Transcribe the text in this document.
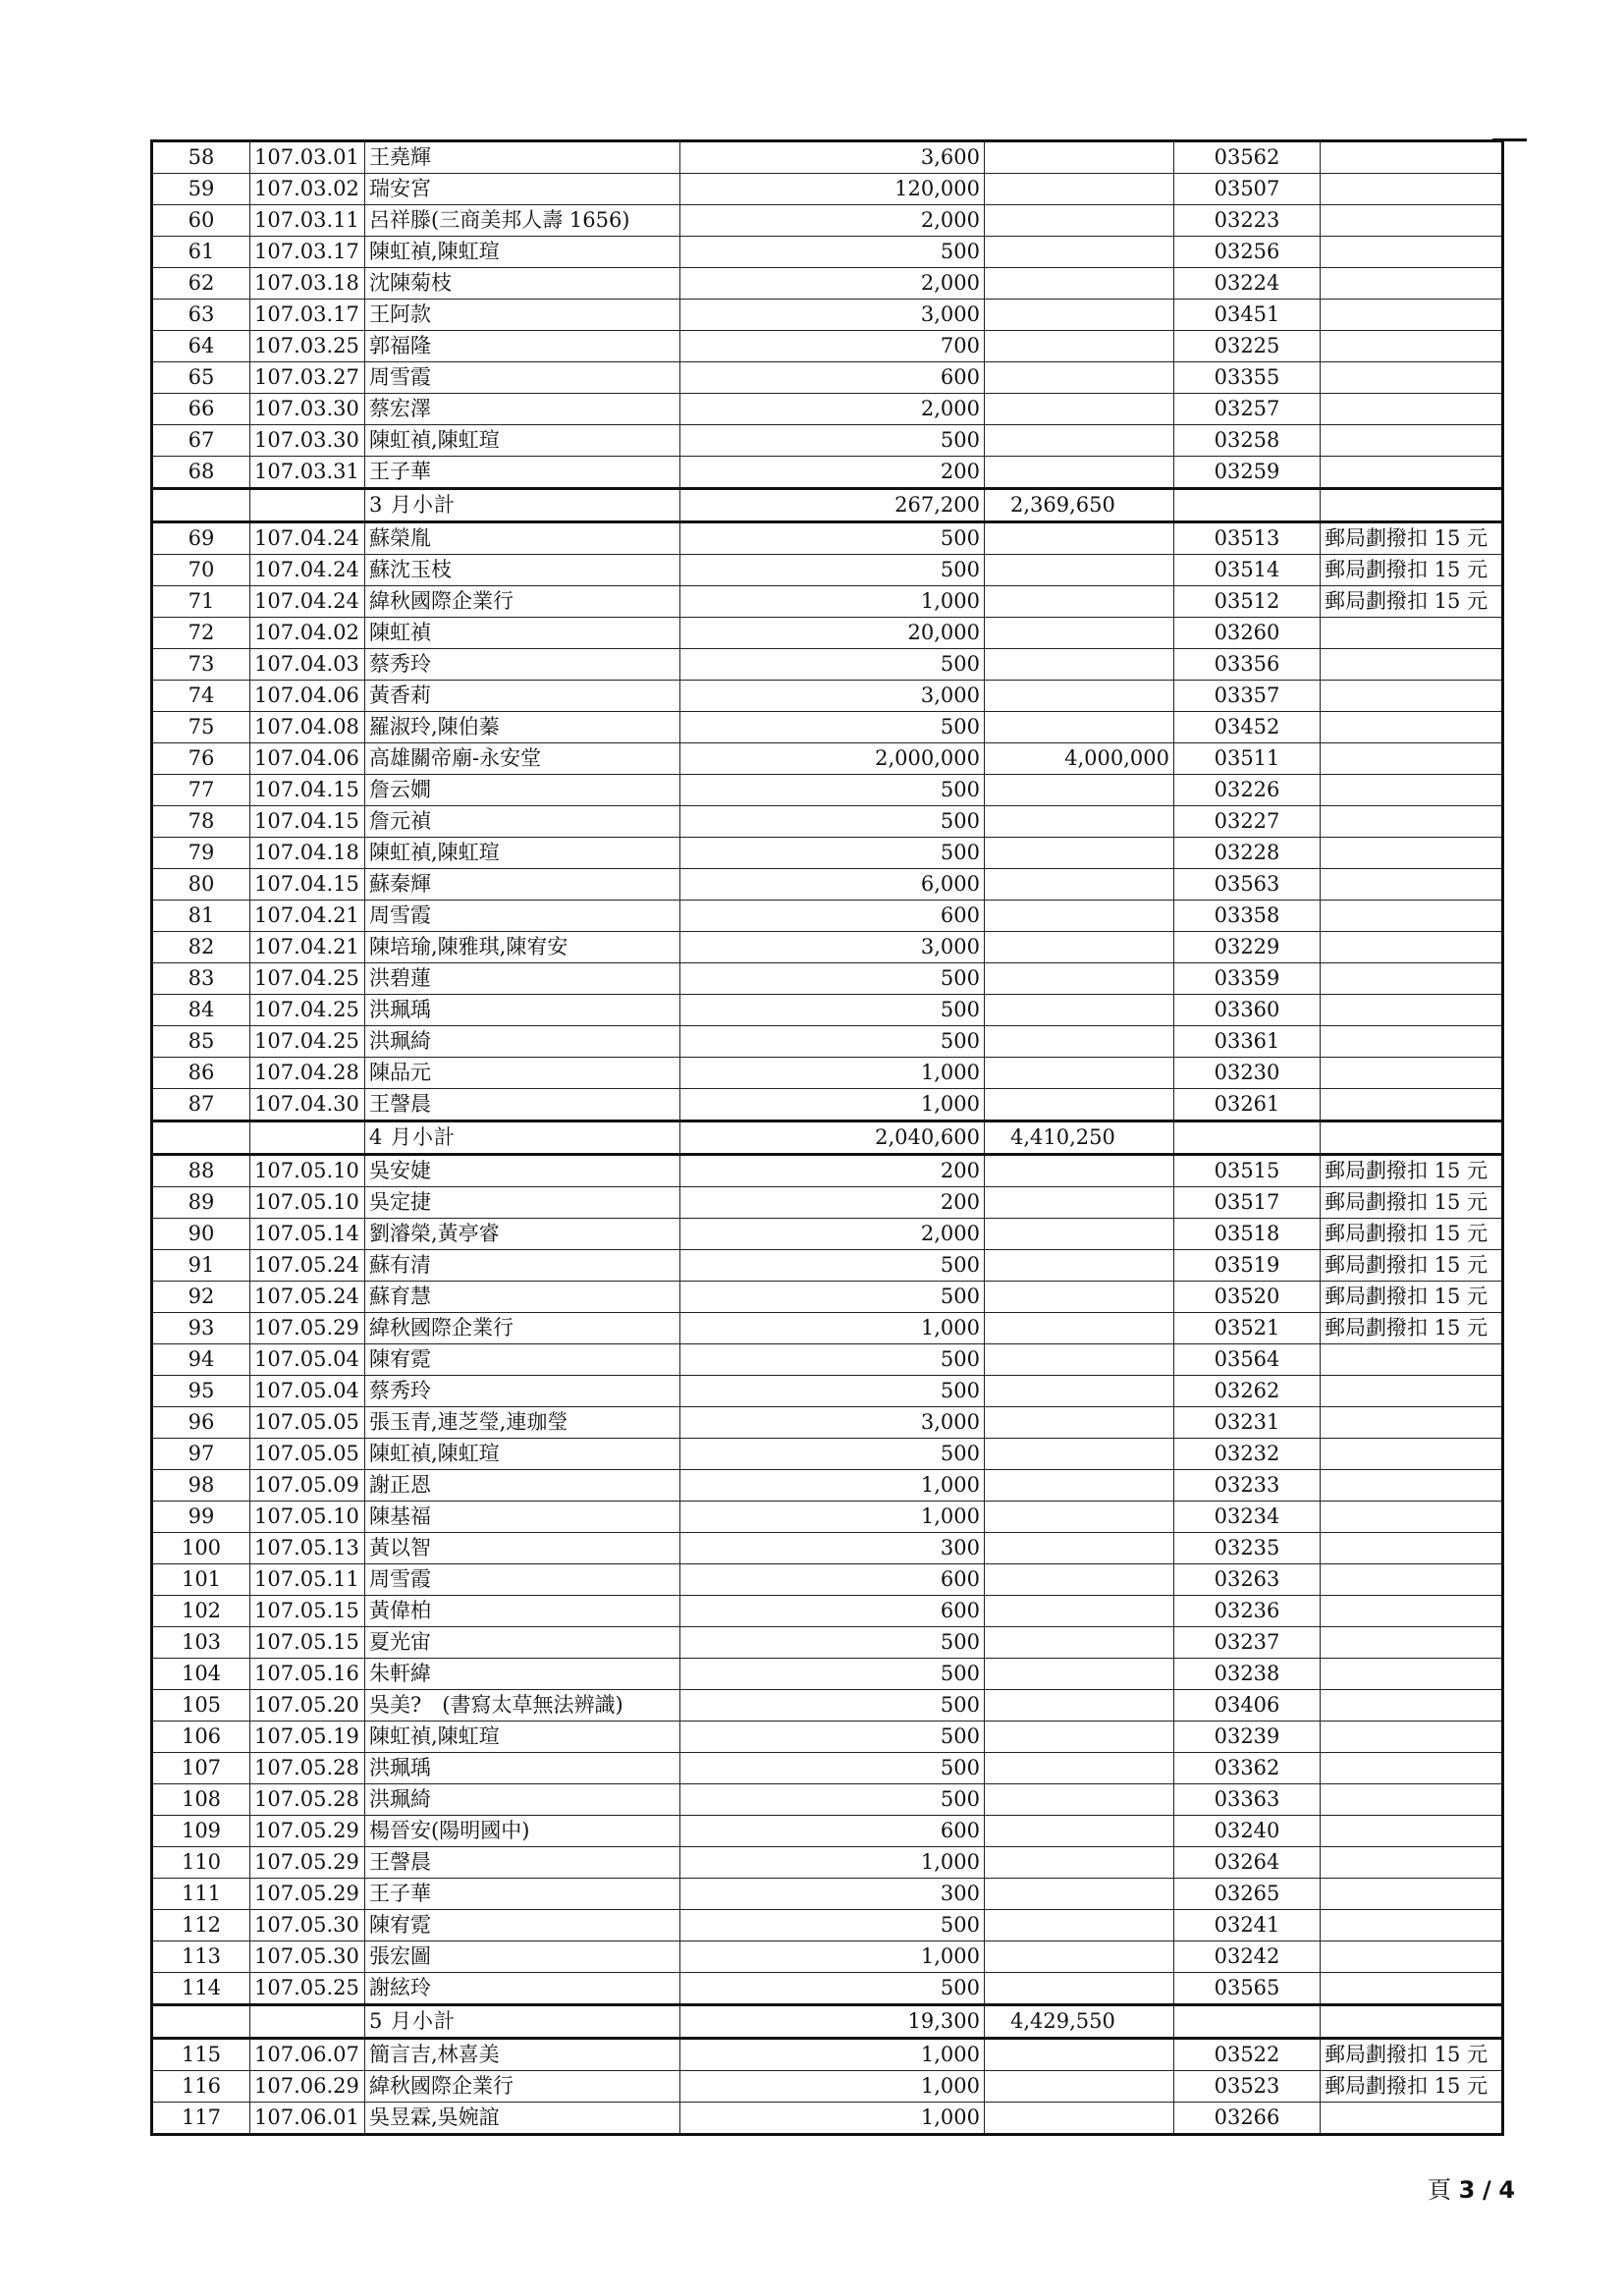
58	107.03.01	王堯輝	3,600		03562	
59	107.03.02	瑞安宮	120,000		03507	
60	107.03.11	呂祥滕(三商美邦人壽 1656)	2,000		03223	
61	107.03.17	陳虹禎,陳虹瑄	500		03256	
62	107.03.18	沈陳菊枝	2,000		03224	
63	107.03.17	王阿款	3,000		03451	
64	107.03.25	郭福隆	700		03225	
65	107.03.27	周雪霞	600		03355	
66	107.03.30	蔡宏澤	2,000		03257	
67	107.03.30	陳虹禎,陳虹瑄	500		03258	
68	107.03.31	王子華	200		03259	
		3 月小計	267,200	2,369,650		
69	107.04.24	蘇榮胤	500		03513	郵局劃撥扣 15 元
70	107.04.24	蘇沈玉枝	500		03514	郵局劃撥扣 15 元
71	107.04.24	緯秋國際企業行	1,000		03512	郵局劃撥扣 15 元
72	107.04.02	陳虹禎	20,000		03260	
73	107.04.03	蔡秀玲	500		03356	
74	107.04.06	黃香莉	3,000		03357	
75	107.04.08	羅淑玲,陳伯蓁	500		03452	
76	107.04.06	高雄關帝廟-永安堂	2,000,000	4,000,000	03511	
77	107.04.15	詹云嫺	500		03226	
78	107.04.15	詹元禎	500		03227	
79	107.04.18	陳虹禎,陳虹瑄	500		03228	
80	107.04.15	蘇秦輝	6,000		03563	
81	107.04.21	周雪霞	600		03358	
82	107.04.21	陳培瑜,陳雅琪,陳宥安	3,000		03229	
83	107.04.25	洪碧蓮	500		03359	
84	107.04.25	洪珮瑀	500		03360	
85	107.04.25	洪珮綺	500		03361	
86	107.04.28	陳品元	1,000		03230	
87	107.04.30	王謦晨	1,000		03261	
		4 月小計	2,040,600	4,410,250		
88	107.05.10	吳安婕	200		03515	郵局劃撥扣 15 元
89	107.05.10	吳定捷	200		03517	郵局劃撥扣 15 元
90	107.05.14	劉濬榮,黃亭睿	2,000		03518	郵局劃撥扣 15 元
91	107.05.24	蘇有清	500		03519	郵局劃撥扣 15 元
92	107.05.24	蘇育慧	500		03520	郵局劃撥扣 15 元
93	107.05.29	緯秋國際企業行	1,000		03521	郵局劃撥扣 15 元
94	107.05.04	陳宥霓	500		03564	
95	107.05.04	蔡秀玲	500		03262	
96	107.05.05	張玉青,連芝瑩,連珈瑩	3,000		03231	
97	107.05.05	陳虹禎,陳虹瑄	500		03232	
98	107.05.09	謝正恩	1,000		03233	
99	107.05.10	陳基福	1,000		03234	
100	107.05.13	黃以智	300		03235	
101	107.05.11	周雪霞	600		03263	
102	107.05.15	黃偉柏	600		03236	
103	107.05.15	夏光宙	500		03237	
104	107.05.16	朱軒緯	500		03238	
105	107.05.20	吳美?　(書寫太草無法辨識)	500		03406	
106	107.05.19	陳虹禎,陳虹瑄	500		03239	
107	107.05.28	洪珮瑀	500		03362	
108	107.05.28	洪珮綺	500		03363	
109	107.05.29	楊晉安(陽明國中)	600		03240	
110	107.05.29	王謦晨	1,000		03264	
111	107.05.29	王子華	300		03265	
112	107.05.30	陳宥霓	500		03241	
113	107.05.30	張宏圖	1,000		03242	
114	107.05.25	謝絃玲	500		03565	
		5 月小計	19,300	4,429,550		
115	107.06.07	簡言吉,林喜美	1,000		03522	郵局劃撥扣 15 元
116	107.06.29	緯秋國際企業行	1,000		03523	郵局劃撥扣 15 元
117	107.06.01	吳昱霖,吳婉誼	1,000		03266	
頁 3 / 4
